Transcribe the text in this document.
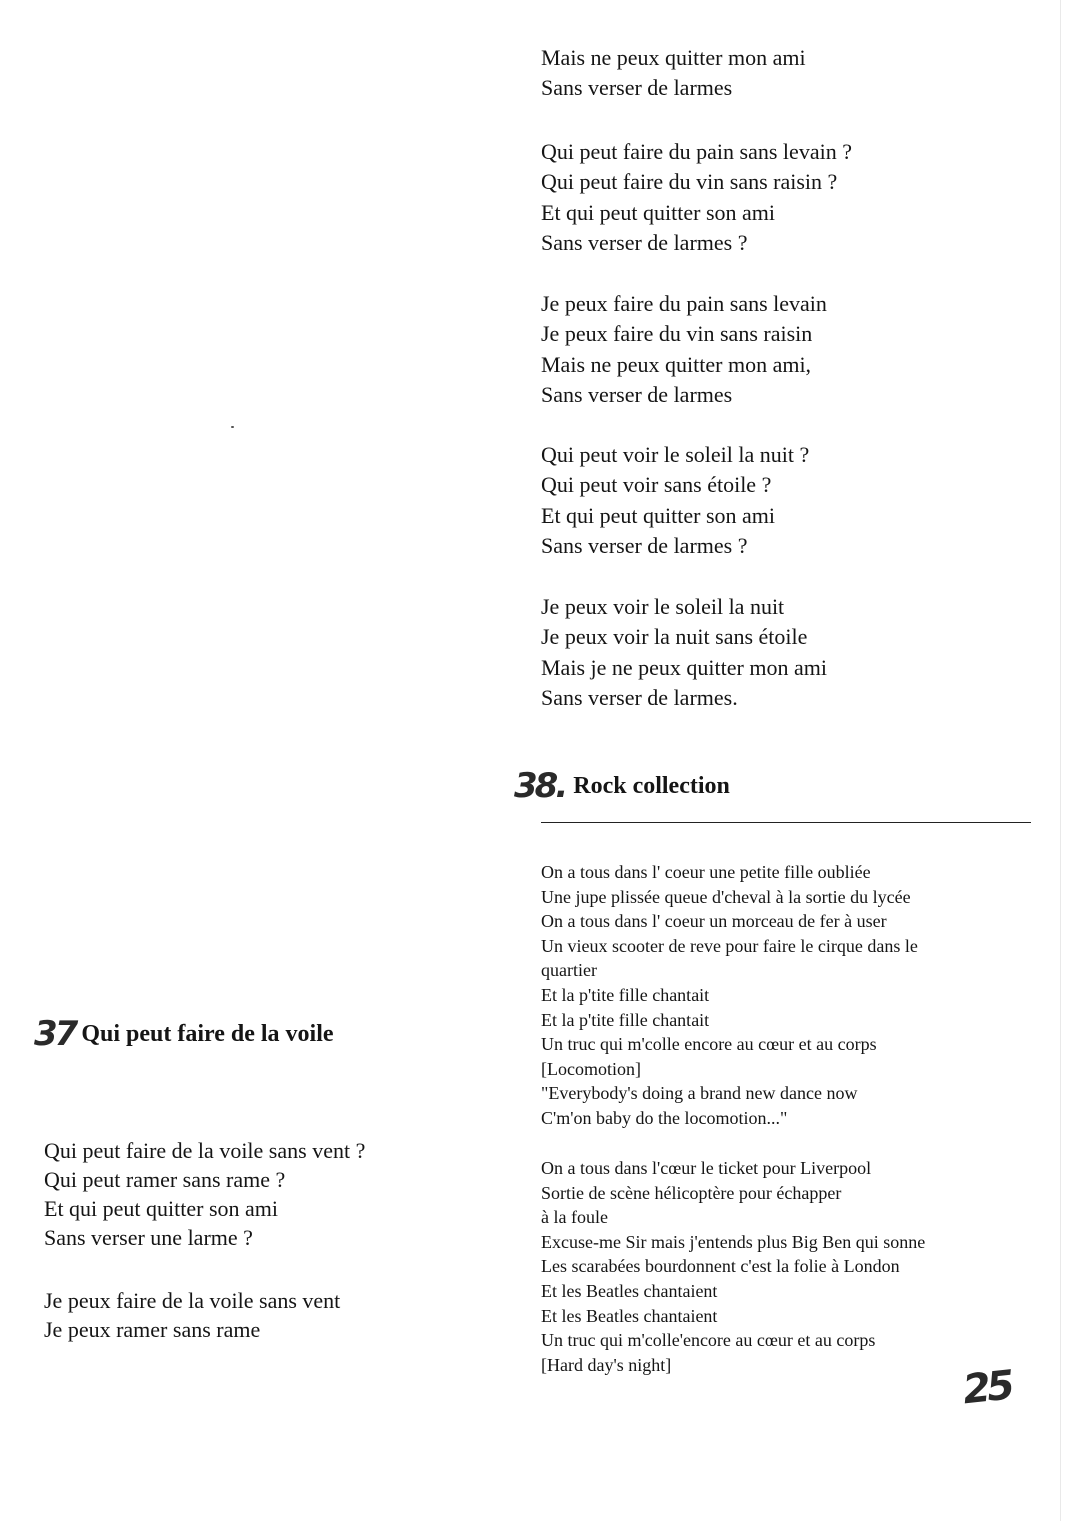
Mais ne peux quitter mon ami
Sans verser de larmes

Qui peut faire du pain sans levain ?
Qui peut faire du vin sans raisin ?
Et qui peut quitter son ami
Sans verser de larmes ?

Je peux faire du pain sans levain
Je peux faire du vin sans raisin
Mais ne peux quitter mon ami,
Sans verser de larmes

Qui peut voir le soleil la nuit ?
Qui peut voir sans étoile ?
Et qui peut quitter son ami
Sans verser de larmes ?

Je peux voir le soleil la nuit
Je peux voir la nuit sans étoile
Mais je ne peux quitter mon ami
Sans verser de larmes.

38. Rock collection

On a tous dans l' coeur une petite fille oubliée
Une jupe plissée queue d'cheval à la sortie du lycée
On a tous dans l' coeur un morceau de fer à user
Un vieux scooter de reve pour faire le cirque dans le
quartier
Et la p'tite fille chantait
Et la p'tite fille chantait
Un truc qui m'colle encore au cœur et au corps
[Locomotion]
"Everybody's doing a brand new dance now
C'm'on baby do the locomotion..."

On a tous dans l'cœur le ticket pour Liverpool
Sortie de scène hélicoptère pour échapper
à la foule
Excuse-me Sir mais j'entends plus Big Ben qui sonne
Les scarabées bourdonnent c'est la folie à London
Et les Beatles chantaient
Et les Beatles chantaient
Un truc qui m'colle'encore au cœur et au corps
[Hard day's night]

37 Qui peut faire de la voile

Qui peut faire de la voile sans vent ?
Qui peut ramer sans rame ?
Et qui peut quitter son ami
Sans verser une larme ?

Je peux faire de la voile sans vent
Je peux ramer sans rame

25
